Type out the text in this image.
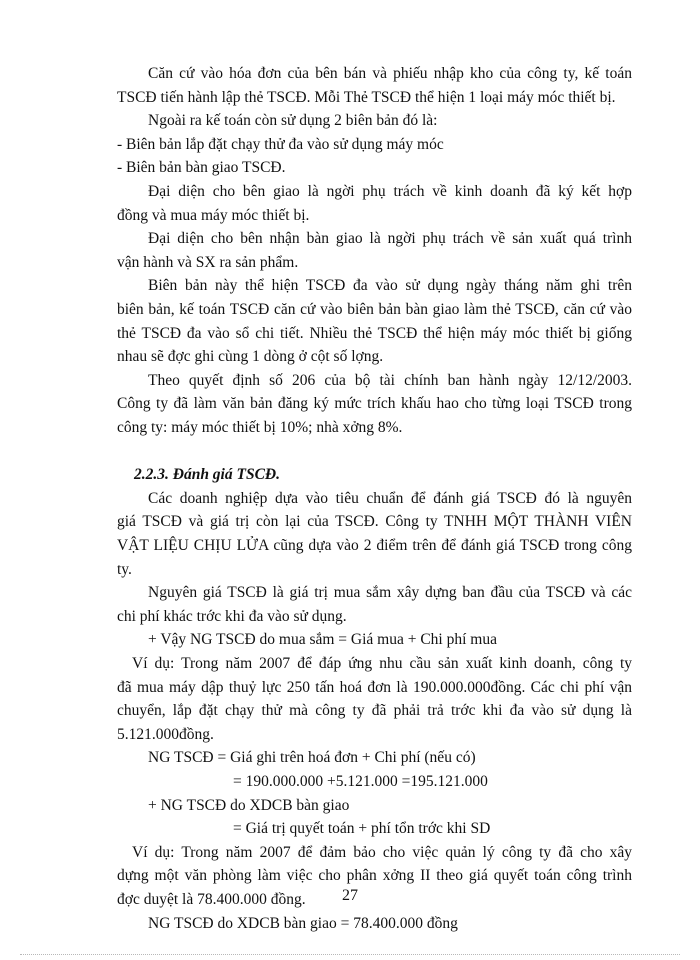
Căn cứ vào hóa đơn của bên bán và phiếu nhập kho của công ty, kế toán
TSCĐ tiến hành lập thẻ TSCĐ. Mỗi Thẻ TSCĐ thể hiện 1 loại máy móc thiết bị.
Ngoài ra kế toán còn sử dụng 2 biên bản đó là:
- Biên bản lắp đặt chạy thử đa vào sử dụng máy móc
- Biên bản bàn giao TSCĐ.
Đại diện cho bên giao là ngời phụ trách về kinh doanh đã ký kết hợp
đồng và mua máy móc thiết bị.
Đại diện cho bên nhận bàn giao là ngời phụ trách về sản xuất quá trình
vận hành và SX ra sản phẩm.
Biên bản này thể hiện TSCĐ đa vào sử dụng ngày tháng năm ghi trên
biên bản, kế toán TSCĐ căn cứ vào biên bản bàn giao làm thẻ TSCĐ, căn cứ vào
thẻ TSCĐ đa vào sổ chi tiết. Nhiều thẻ TSCĐ thể hiện máy móc thiết bị giống
nhau sẽ đợc ghi cùng 1 dòng ở cột số lợng.
Theo quyết định số 206 của bộ tài chính ban hành ngày 12/12/2003.
Công ty đã làm văn bản đăng ký mức trích khấu hao cho từng loại TSCĐ trong
công ty: máy móc thiết bị 10%; nhà xởng 8%.
2.2.3. Đánh giá TSCĐ.
Các doanh nghiệp dựa vào tiêu chuẩn để đánh giá TSCĐ đó là nguyên
giá TSCĐ và giá trị còn lại của TSCĐ. Công ty TNHH MỘT THÀNH VIÊN
VẬT LIỆU CHỊU LỬA cũng dựa vào 2 điểm trên để đánh giá TSCĐ trong công
ty.
Nguyên giá TSCĐ là giá trị mua sắm xây dựng ban đầu của TSCĐ và các
chi phí khác trớc khi đa vào sử dụng.
+ Vậy NG TSCĐ do mua sắm = Giá mua + Chi phí mua
Ví dụ: Trong năm 2007 để đáp ứng nhu cầu sản xuất kinh doanh, công ty
đã mua máy dập thuỷ lực 250 tấn hoá đơn là 190.000.000đồng. Các chi phí vận
chuyển, lắp đặt chạy thử mà công ty đã phải trả trớc khi đa vào sử dụng là
5.121.000đồng.
NG TSCĐ = Giá ghi trên hoá đơn + Chi phí (nếu có)
= 190.000.000 +5.121.000 =195.121.000
+ NG TSCĐ do XDCB bàn giao
= Giá trị quyết toán + phí tổn trớc khi SD
Ví dụ: Trong năm 2007 để đảm bảo cho việc quản lý công ty đã cho xây
dựng một văn phòng làm việc cho phân xởng II theo giá quyết toán công trình
đợc duyệt là 78.400.000 đồng.
NG TSCĐ do XDCB bàn giao = 78.400.000 đồng
27
